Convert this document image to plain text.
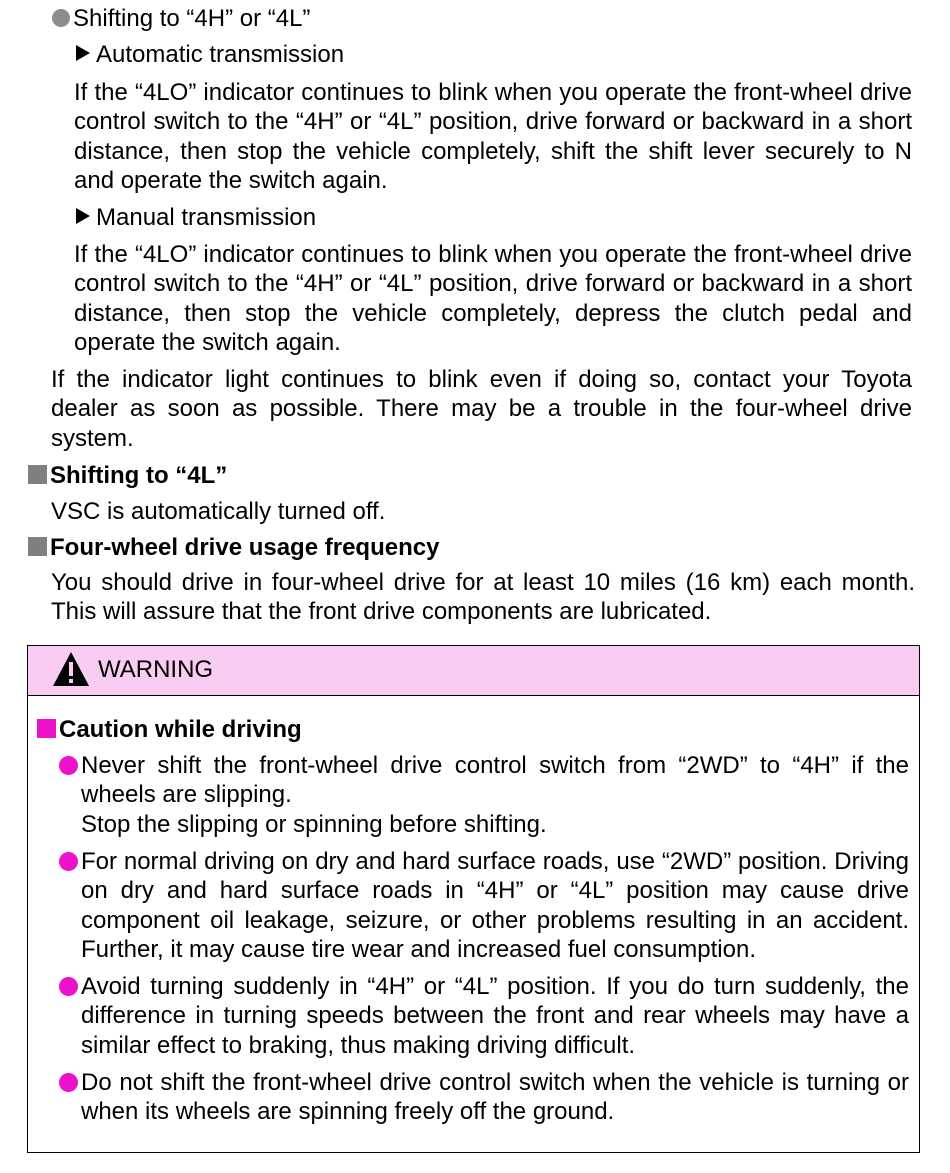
Shifting to “4H” or “4L”
Automatic transmission
If the “4LO” indicator continues to blink when you operate the front-wheel drive control switch to the “4H” or “4L” position, drive forward or backward in a short distance, then stop the vehicle completely, shift the shift lever securely to N and operate the switch again.
Manual transmission
If the “4LO” indicator continues to blink when you operate the front-wheel drive control switch to the “4H” or “4L” position, drive forward or backward in a short distance, then stop the vehicle completely, depress the clutch pedal and operate the switch again.
If the indicator light continues to blink even if doing so, contact your Toyota dealer as soon as possible. There may be a trouble in the four-wheel drive system.
Shifting to “4L”
VSC is automatically turned off.
Four-wheel drive usage frequency
You should drive in four-wheel drive for at least 10 miles (16 km) each month. This will assure that the front drive components are lubricated.
WARNING
Caution while driving
Never shift the front-wheel drive control switch from “2WD” to “4H” if the wheels are slipping.
Stop the slipping or spinning before shifting.
For normal driving on dry and hard surface roads, use “2WD” position. Driving on dry and hard surface roads in “4H” or “4L” position may cause drive component oil leakage, seizure, or other problems resulting in an accident. Further, it may cause tire wear and increased fuel consumption.
Avoid turning suddenly in “4H” or “4L” position. If you do turn suddenly, the difference in turning speeds between the front and rear wheels may have a similar effect to braking, thus making driving difficult.
Do not shift the front-wheel drive control switch when the vehicle is turning or when its wheels are spinning freely off the ground.
